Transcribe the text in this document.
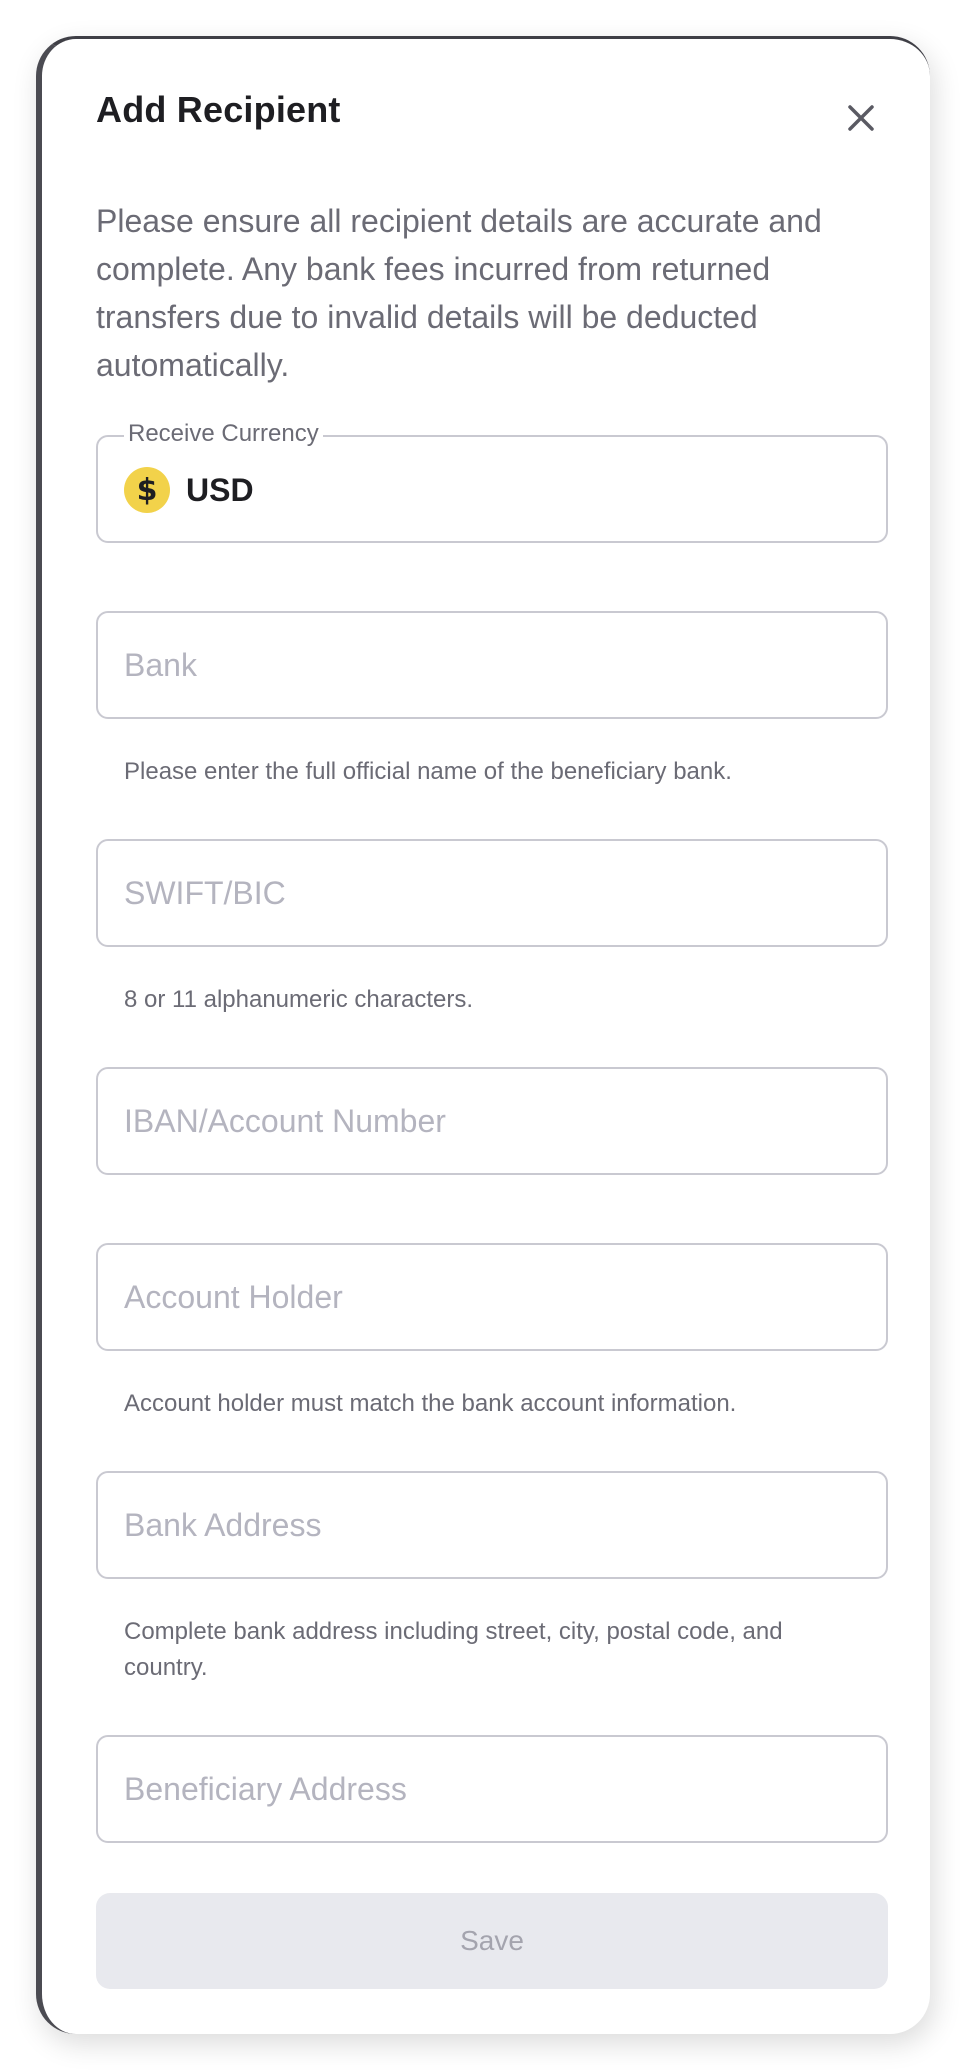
Add Recipient
Please ensure all recipient details are accurate and complete. Any bank fees incurred from returned transfers due to invalid details will be deducted automatically.
Receive Currency
$ USD
Bank
Please enter the full official name of the beneficiary bank.
SWIFT/BIC
8 or 11 alphanumeric characters.
IBAN/Account Number
Account Holder
Account holder must match the bank account information.
Bank Address
Complete bank address including street, city, postal code, and country.
Beneficiary Address
Save
